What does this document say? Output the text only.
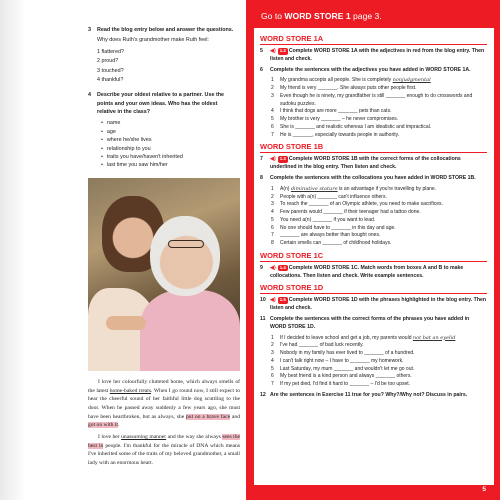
3 Read the blog entry below and answer the questions.
Why does Ruth's grandmother make Ruth feel:
1 flattered?
2 proud?
3 touched?
4 thankful?
4 Describe your oldest relative to a partner. Use the points and your own ideas. Who has the oldest relative in the class?
• name
• age
• where he/she lives
• relationship to you
• traits you have/haven't inherited
• last time you saw him/her

I love her colourfully cluttered home, which always smells of the latest home-baked treats. When I go round now, I still expect to hear the cheerful sound of her faithful little dog scuttling to the door. When he passed away suddenly a few years ago, she must have been heartbroken, but as always, she put on a brave face and got on with it.

I love her unassuming manner and the way she always sees the best in people. I'm thankful for the miracle of DNA which means I've inherited some of the traits of my beloved grandmother, a small lady with an enormous heart.

Go to WORD STORE 1 page 3.
WORD STORE 1A
5	◀) 1.2 Complete WORD STORE 1A with the adjectives in red from the blog entry. Then listen and check.
6	Complete the sentences with the adjectives you have added in WORD STORE 1A.
1	My grandma accepts all people. She is completely nonjudgmental
2	My friend is very _______. She always puts other people first.
3	Even though he is ninety, my grandfather is still _______ enough to do crosswords and sudoku puzzles.
4	I think that dogs are more _______ pets than cats.
5	My brother is very _______ – he never compromises.
6	She is _______ and realistic whereas I am idealistic and impractical.
7	He is _______, especially towards people in authority.
WORD STORE 1B
7	◀) 1.3 Complete WORD STORE 1B with the correct forms of the collocations underlined in the blog entry. Then listen and check.
8	Complete the sentences with the collocations you have added in WORD STORE 1B.
1	A(n) diminutive stature is an advantage if you're travelling by plane.
2	People with a(n) _______ can't influence others.
3	To reach the _______ of an Olympic athlete, you need to make sacrifices.
4	Few parents would _______ if their teenager had a tattoo done.
5	You need a(n) _______ if you want to lead.
6	No one should have to _______ in this day and age.
7	_______ are always better than bought ones.
8	Certain smells can _______ of childhood holidays.
WORD STORE 1C
9	◀) 1.4 Complete WORD STORE 1C. Match words from boxes A and B to make collocations. Then listen and check. Write example sentences.
WORD STORE 1D
10 ◀) 1.5 Complete WORD STORE 1D with the phrases highlighted in the blog entry. Then listen and check.
11 Complete the sentences with the correct forms of the phrases you have added in WORD STORE 1D.
1	If I decided to leave school and get a job, my parents would not bat an eyelid
2	I've had _______ of bad luck recently.
3	Nobody in my family has ever lived to _______ of a hundred.
4	I can't talk right now – I have to _______ my homework.
5	Last Saturday, my mum _______ and wouldn't let me go out.
6	My best friend is a kind person and always _______ others.
7	If my pet died, I'd find it hard to _______ – I'd be too upset.
12 Are the sentences in Exercise 11 true for you? Why?/Why not? Discuss in pairs.
5
